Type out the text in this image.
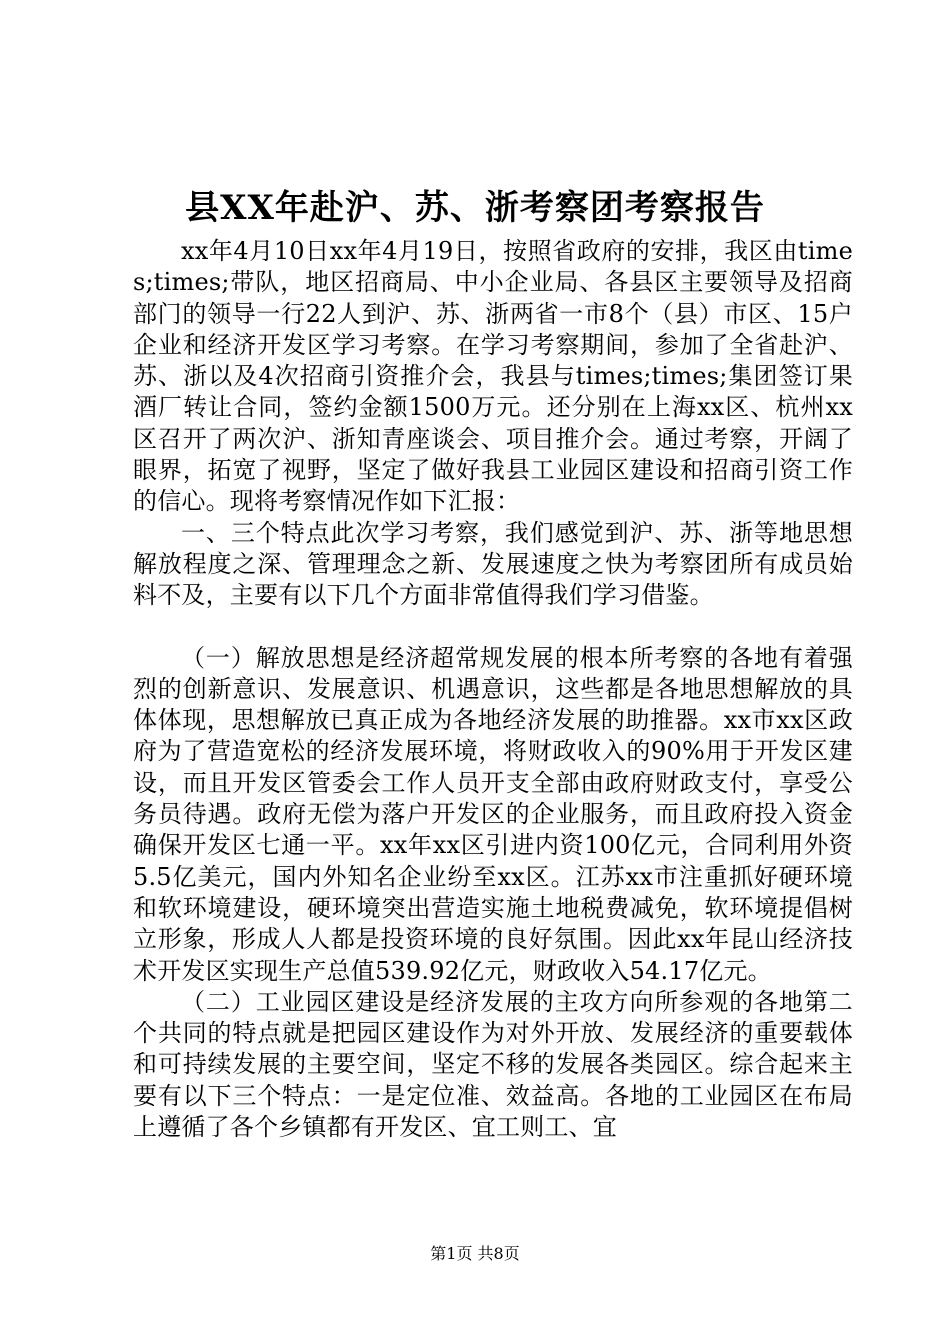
县XX年赴沪、苏、浙考察团考察报告

xx年4月10日xx年4月19日，按照省政府的安排，我区由times;times;带队，地区招商局、中小企业局、各县区主要领导及招商部门的领导一行22人到沪、苏、浙两省一市8个（县）市区、15户企业和经济开发区学习考察。在学习考察期间，参加了全省赴沪、苏、浙以及4次招商引资推介会，我县与times;times;集团签订果酒厂转让合同，签约金额1500万元。还分别在上海xx区、杭州xx区召开了两次沪、浙知青座谈会、项目推介会。通过考察，开阔了眼界，拓宽了视野，坚定了做好我县工业园区建设和招商引资工作的信心。现将考察情况作如下汇报：

一、三个特点此次学习考察，我们感觉到沪、苏、浙等地思想解放程度之深、管理理念之新、发展速度之快为考察团所有成员始料不及，主要有以下几个方面非常值得我们学习借鉴。

（一）解放思想是经济超常规发展的根本所考察的各地有着强烈的创新意识、发展意识、机遇意识，这些都是各地思想解放的具体体现，思想解放已真正成为各地经济发展的助推器。xx市xx区政府为了营造宽松的经济发展环境，将财政收入的90%用于开发区建设，而且开发区管委会工作人员开支全部由政府财政支付，享受公务员待遇。政府无偿为落户开发区的企业服务，而且政府投入资金确保开发区七通一平。xx年xx区引进内资100亿元，合同利用外资5.5亿美元，国内外知名企业纷至xx区。江苏xx市注重抓好硬环境和软环境建设，硬环境突出营造实施土地税费减免，软环境提倡树立形象，形成人人都是投资环境的良好氛围。因此xx年昆山经济技术开发区实现生产总值539.92亿元，财政收入54.17亿元。

（二）工业园区建设是经济发展的主攻方向所参观的各地第二个共同的特点就是把园区建设作为对外开放、发展经济的重要载体和可持续发展的主要空间，坚定不移的发展各类园区。综合起来主要有以下三个特点：一是定位准、效益高。各地的工业园区在布局上遵循了各个乡镇都有开发区、宜工则工、宜

第1页 共8页
